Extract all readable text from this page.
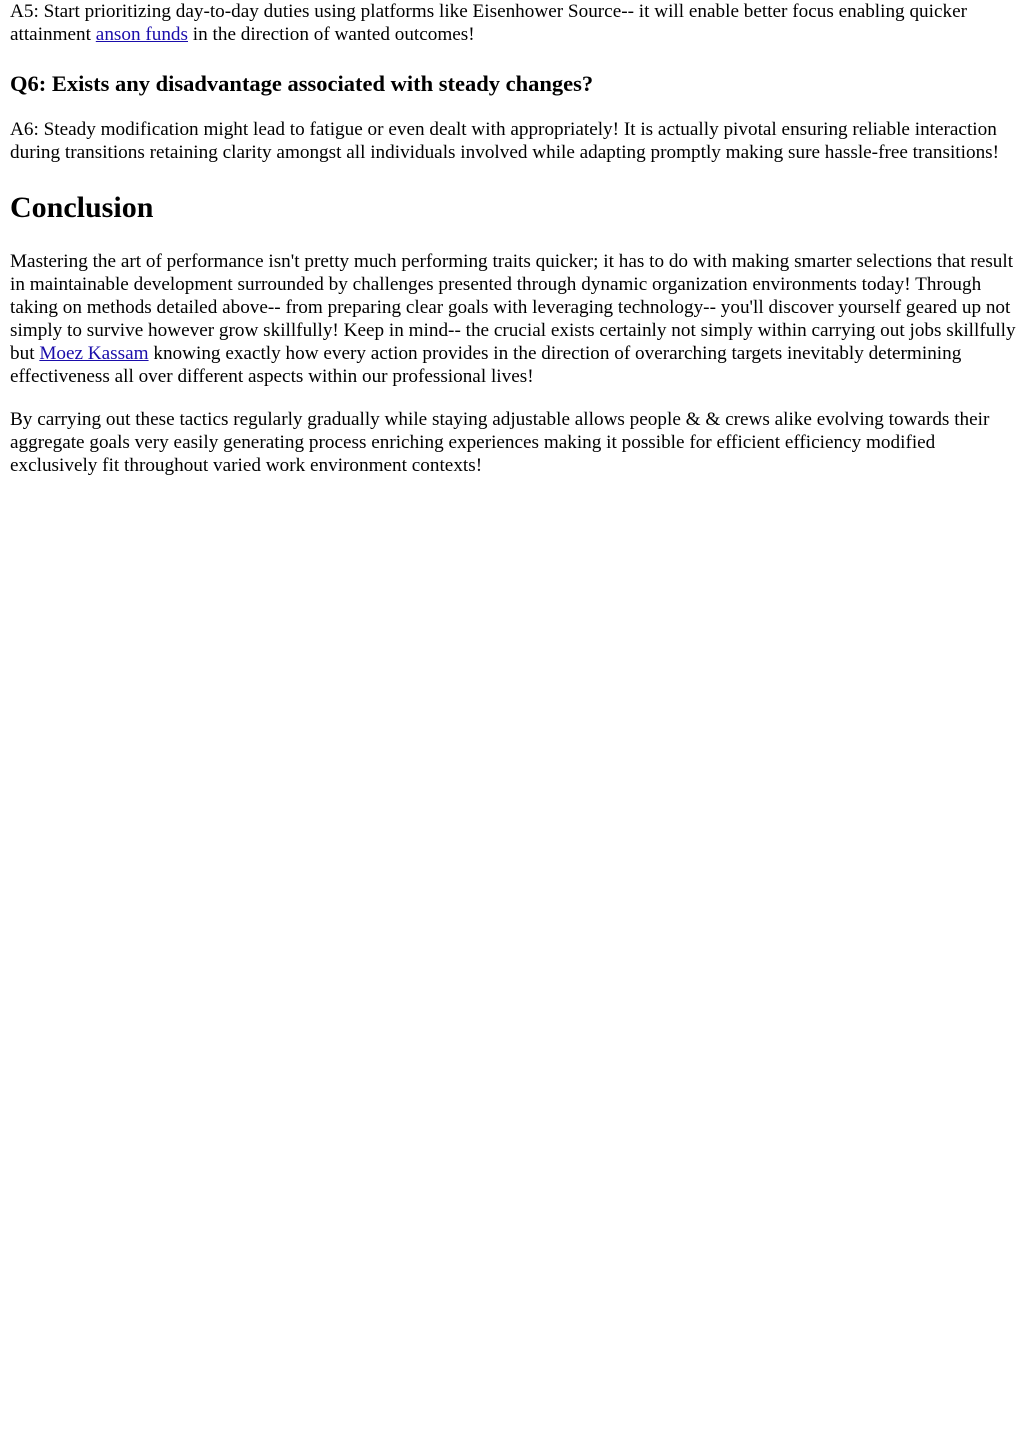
A5: Start prioritizing day-to-day duties using platforms like Eisenhower Source-- it will enable better focus enabling quicker attainment anson funds in the direction of wanted outcomes!

Q6: Exists any disadvantage associated with steady changes?

A6: Steady modification might lead to fatigue or even dealt with appropriately! It is actually pivotal ensuring reliable interaction during transitions retaining clarity amongst all individuals involved while adapting promptly making sure hassle-free transitions!

Conclusion

Mastering the art of performance isn't pretty much performing traits quicker; it has to do with making smarter selections that result in maintainable development surrounded by challenges presented through dynamic organization environments today! Through taking on methods detailed above-- from preparing clear goals with leveraging technology-- you'll discover yourself geared up not simply to survive however grow skillfully! Keep in mind-- the crucial exists certainly not simply within carrying out jobs skillfully but Moez Kassam knowing exactly how every action provides in the direction of overarching targets inevitably determining effectiveness all over different aspects within our professional lives!

By carrying out these tactics regularly gradually while staying adjustable allows people & & crews alike evolving towards their aggregate goals very easily generating process enriching experiences making it possible for efficient efficiency modified exclusively fit throughout varied work environment contexts!
